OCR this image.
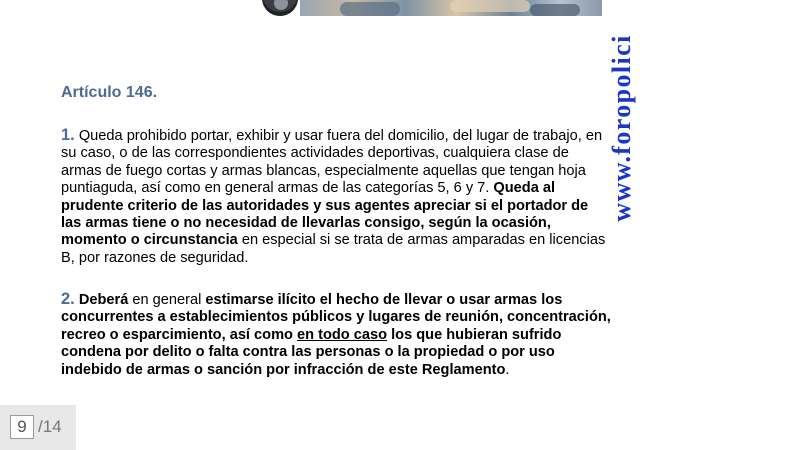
www.foropolici
Artículo 146.

1. Queda prohibido portar, exhibir y usar fuera del domicilio, del lugar de trabajo, en su caso, o de las correspondientes actividades deportivas, cualquiera clase de armas de fuego cortas y armas blancas, especialmente aquellas que tengan hoja puntiaguda, así como en general armas de las categorías 5, 6 y 7. Queda al prudente criterio de las autoridades y sus agentes apreciar si el portador de las armas tiene o no necesidad de llevarlas consigo, según la ocasión, momento o circunstancia en especial si se trata de armas amparadas en licencias B, por razones de seguridad.

2. Deberá en general estimarse ilícito el hecho de llevar o usar armas los concurrentes a establecimientos públicos y lugares de reunión, concentración, recreo o esparcimiento, así como en todo caso los que hubieran sufrido condena por delito o falta contra las personas o la propiedad o por uso indebido de armas o sanción por infracción de este Reglamento.

9 /14
